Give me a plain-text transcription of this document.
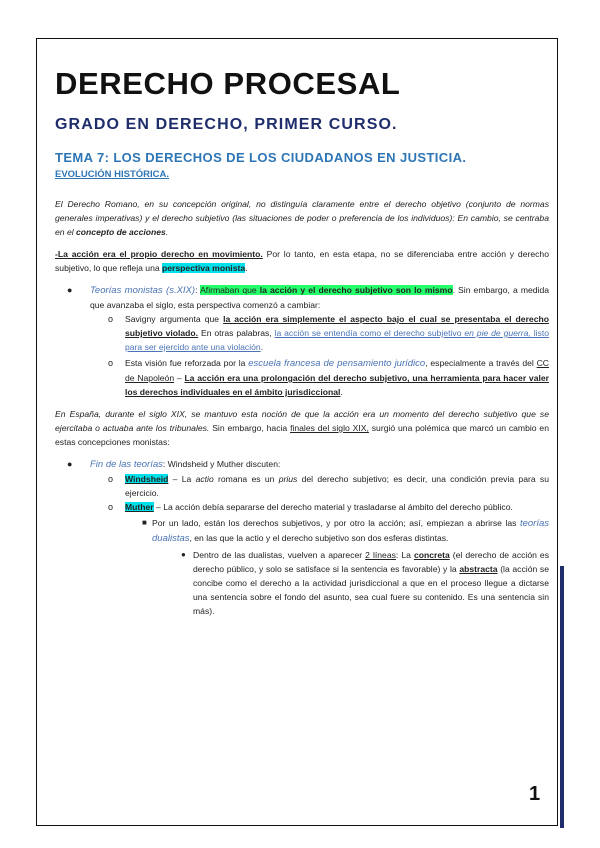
DERECHO PROCESAL
GRADO EN DERECHO, PRIMER CURSO.
TEMA 7: LOS DERECHOS DE LOS CIUDADANOS EN JUSTICIA.
EVOLUCIÓN HISTÓRICA.

El Derecho Romano, en su concepción original, no distinguía claramente entre el derecho objetivo (conjunto de normas generales imperativas) y el derecho subjetivo (las situaciones de poder o preferencia de los individuos): En cambio, se centraba en el concepto de acciones.

-La acción era el propio derecho en movimiento. Por lo tanto, en esta etapa, no se diferenciaba entre acción y derecho subjetivo, lo que refleja una perspectiva monista.

● Teorías monistas (s.XIX): Afirmaban que la acción y el derecho subjetivo son lo mismo. Sin embargo, a medida que avanzaba el siglo, esta perspectiva comenzó a cambiar:

o Savigny argumenta que la acción era simplemente el aspecto bajo el cual se presentaba el derecho subjetivo violado. En otras palabras, la acción se entendía como el derecho subjetivo en pie de guerra, listo para ser ejercido ante una violación.

o Esta visión fue reforzada por la escuela francesa de pensamiento jurídico, especialmente a través del CC de Napoleón – La acción era una prolongación del derecho subjetivo, una herramienta para hacer valer los derechos individuales en el ámbito jurisdiccional.

En España, durante el siglo XIX, se mantuvo esta noción de que la acción era un momento del derecho subjetivo que se ejercitaba o actuaba ante los tribunales. Sin embargo, hacia finales del siglo XIX, surgió una polémica que marcó un cambio en estas concepciones monistas:

● Fin de las teorías: Windsheid y Muther discuten:

o Windsheid – La actio romana es un prius del derecho subjetivo; es decir, una condición previa para su ejercicio.

o Muther – La acción debía separarse del derecho material y trasladarse al ámbito del derecho público.

■ Por un lado, están los derechos subjetivos, y por otro la acción; así, empiezan a abrirse las teorías dualistas, en las que la actio y el derecho subjetivo son dos esferas distintas.

● Dentro de las dualistas, vuelven a aparecer 2 líneas: La concreta (el derecho de acción es derecho público, y solo se satisface si la sentencia es favorable) y la abstracta (la acción se concibe como el derecho a la actividad jurisdiccional a que en el proceso llegue a dictarse una sentencia sobre el fondo del asunto, sea cual fuere su contenido. Es una sentencia sin más).

1
